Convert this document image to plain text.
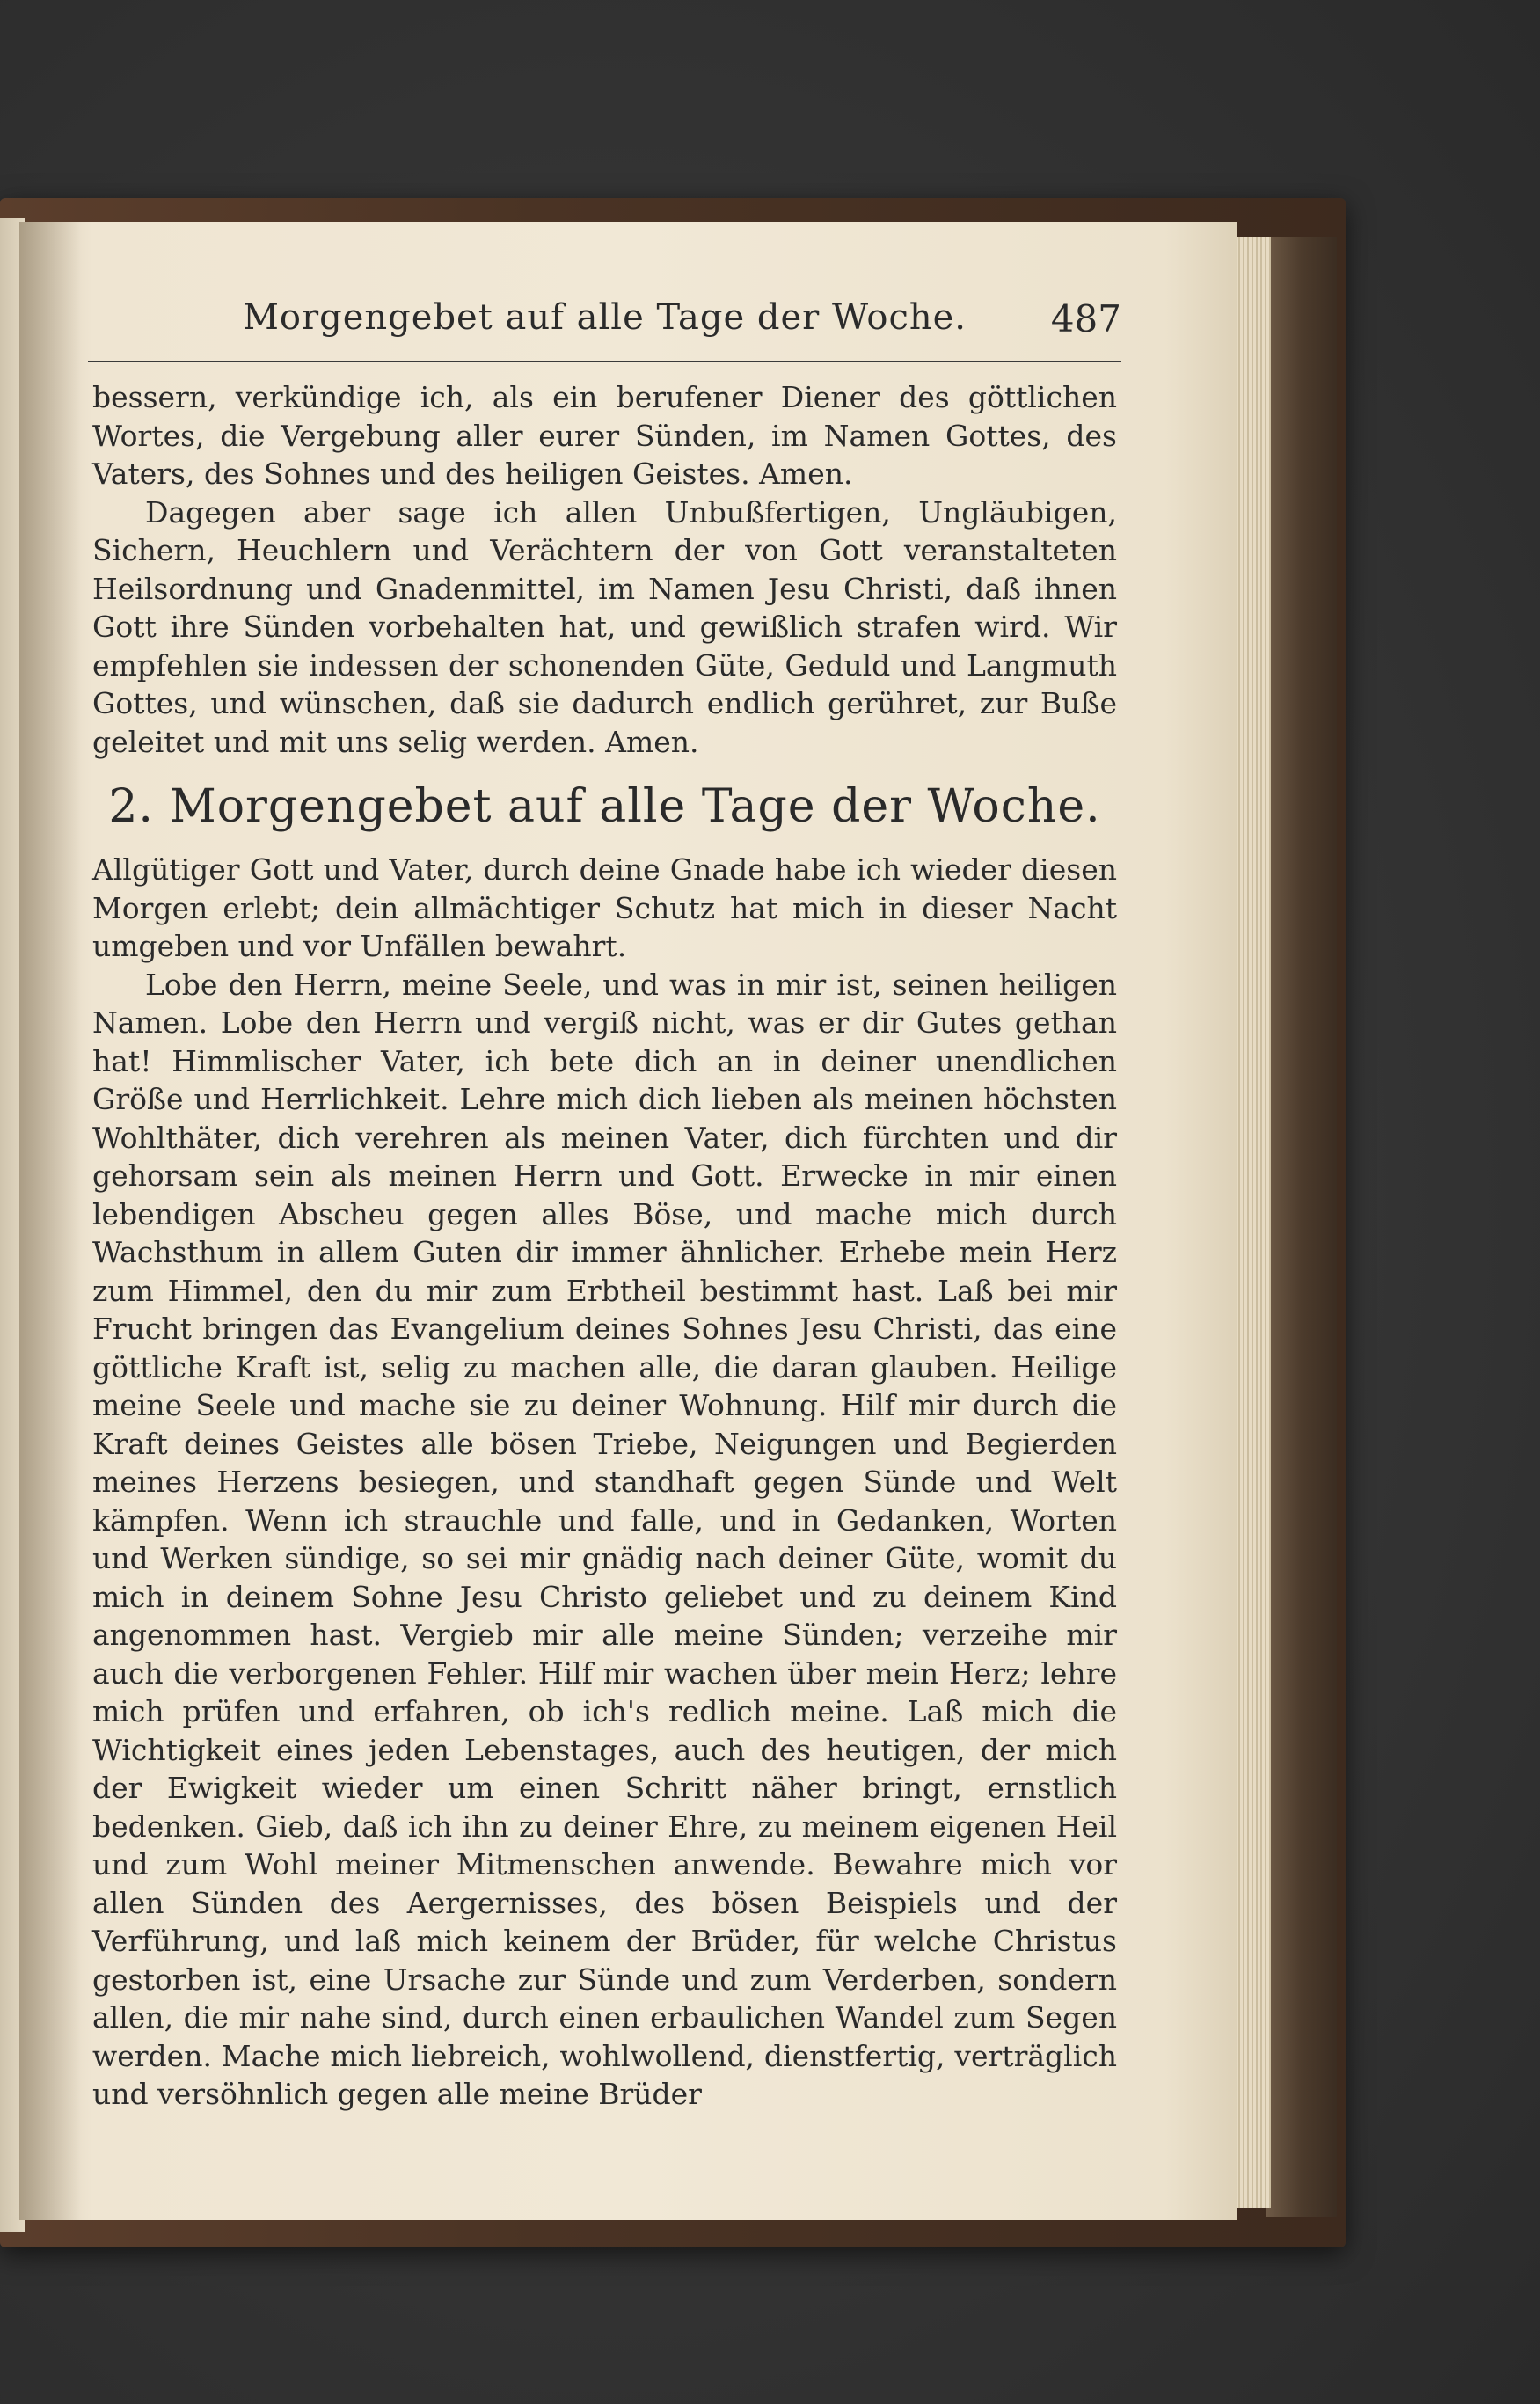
Morgengebet auf alle Tage der Woche.	487

bessern, verkündige ich, als ein berufener Diener des göttlichen Wortes, die Vergebung aller eurer Sünden, im Namen Gottes, des Vaters, des Sohnes und des heiligen Geistes. Amen.

Dagegen aber sage ich allen Unbußfertigen, Ungläubigen, Sichern, Heuchlern und Verächtern der von Gott veranstalteten Heilsordnung und Gnadenmittel, im Namen Jesu Christi, daß ihnen Gott ihre Sünden vorbehalten hat, und gewißlich strafen wird. Wir empfehlen sie indessen der schonenden Güte, Geduld und Langmuth Gottes, und wünschen, daß sie dadurch endlich gerühret, zur Buße geleitet und mit uns selig werden. Amen.

2. Morgengebet auf alle Tage der Woche.

Allgütiger Gott und Vater, durch deine Gnade habe ich wieder diesen Morgen erlebt; dein allmächtiger Schutz hat mich in dieser Nacht umgeben und vor Unfällen bewahrt.

Lobe den Herrn, meine Seele, und was in mir ist, seinen heiligen Namen. Lobe den Herrn und vergiß nicht, was er dir Gutes gethan hat! Himmlischer Vater, ich bete dich an in deiner unendlichen Größe und Herrlichkeit. Lehre mich dich lieben als meinen höchsten Wohlthäter, dich verehren als meinen Vater, dich fürchten und dir gehorsam sein als meinen Herrn und Gott. Erwecke in mir einen lebendigen Abscheu gegen alles Böse, und mache mich durch Wachsthum in allem Guten dir immer ähnlicher. Erhebe mein Herz zum Himmel, den du mir zum Erbtheil bestimmt hast. Laß bei mir Frucht bringen das Evangelium deines Sohnes Jesu Christi, das eine göttliche Kraft ist, selig zu machen alle, die daran glauben. Heilige meine Seele und mache sie zu deiner Wohnung. Hilf mir durch die Kraft deines Geistes alle bösen Triebe, Neigungen und Begierden meines Herzens besiegen, und standhaft gegen Sünde und Welt kämpfen. Wenn ich strauchle und falle, und in Gedanken, Worten und Werken sündige, so sei mir gnädig nach deiner Güte, womit du mich in deinem Sohne Jesu Christo geliebet und zu deinem Kind angenommen hast. Vergieb mir alle meine Sünden; verzeihe mir auch die verborgenen Fehler. Hilf mir wachen über mein Herz; lehre mich prüfen und erfahren, ob ich's redlich meine. Laß mich die Wichtigkeit eines jeden Lebenstages, auch des heutigen, der mich der Ewigkeit wieder um einen Schritt näher bringt, ernstlich bedenken. Gieb, daß ich ihn zu deiner Ehre, zu meinem eigenen Heil und zum Wohl meiner Mitmenschen anwende. Bewahre mich vor allen Sünden des Aergernisses, des bösen Beispiels und der Verführung, und laß mich keinem der Brüder, für welche Christus gestorben ist, eine Ursache zur Sünde und zum Verderben, sondern allen, die mir nahe sind, durch einen erbaulichen Wandel zum Segen werden. Mache mich liebreich, wohlwollend, dienstfertig, verträglich und versöhnlich gegen alle meine Brüder
